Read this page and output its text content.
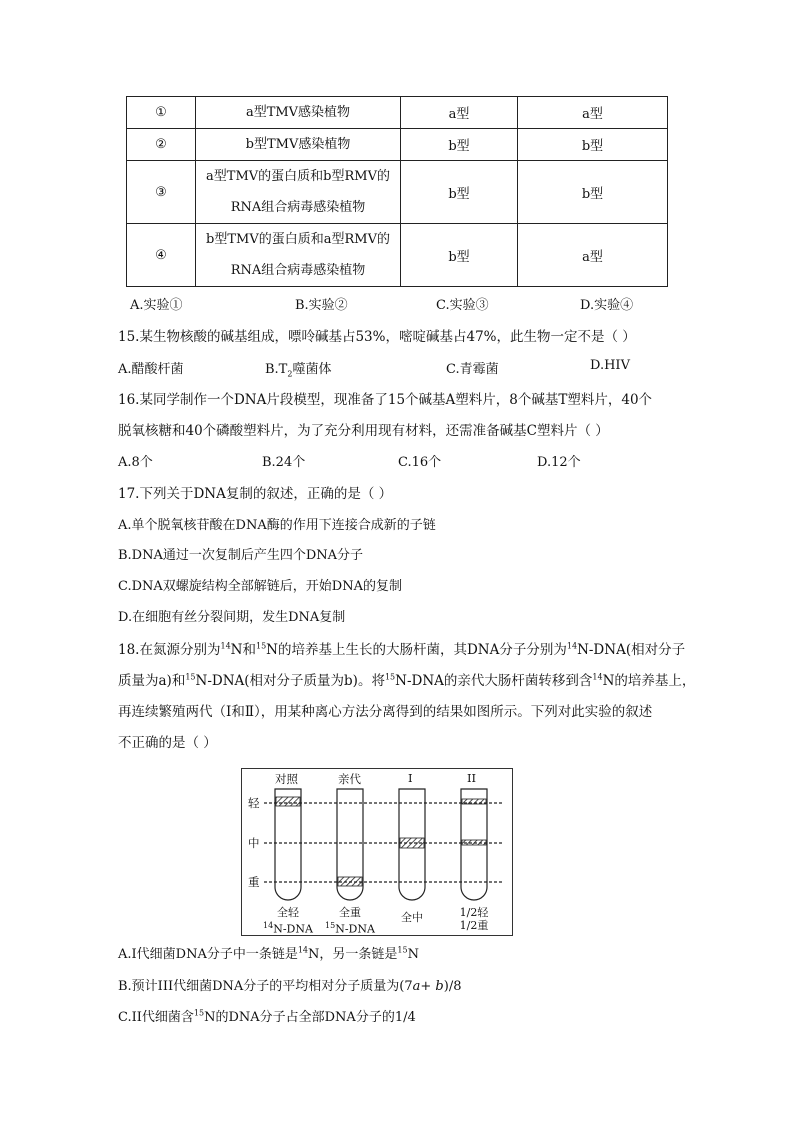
①	a型TMV感染植物	a型	a型
②	b型TMV感染植物	b型	b型
③	a型TMV的蛋白质和b型RMV的
RNA组合病毒感染植物	b型	b型
④	b型TMV的蛋白质和a型RMV的
RNA组合病毒感染植物	b型	a型
A.实验①	B.实验②	C.实验③	D.实验④
15.某生物核酸的碱基组成，嘌呤碱基占53%，嘧啶碱基占47%，此生物一定不是（ ）
A.醋酸杆菌	$B.T_2$噬菌体	C.青霉菌	D.HIV
16.某同学制作一个DNA片段模型，现准备了15个碱基A塑料片，8个碱基T塑料片，40个
脱氧核糖和40个磷酸塑料片，为了充分利用现有材料，还需准备碱基C塑料片（ ）
A.8个	B.24个	C.16个	D.12个
17.下列关于DNA复制的叙述，正确的是（ ）
A.单个脱氧核苷酸在DNA酶的作用下连接合成新的子链
B.DNA通过一次复制后产生四个DNA分子
C.DNA双螺旋结构全部解链后，开始DNA的复制
D.在细胞有丝分裂间期，发生DNA复制
18.在氮源分别为$^{14}$N和$^{15}$N的培养基上生长的大肠杆菌，其DNA分子分别为$^{14}$N-DNA(相对分子
质量为a)和$^{15}$N-DNA(相对分子质量为b)。将$^{15}$N-DNA的亲代大肠杆菌转移到含$^{14}$N的培养基上，
再连续繁殖两代（Ⅰ和Ⅱ），用某种离心方法分离得到的结果如图所示。下列对此实验的叙述
不正确的是（ ）
对照	亲代	I	II
轻
中
重
全轻
$^{14}$N-DNA
全重
$^{15}$N-DNA
全中	1/2轻
1/2重
A.I代细菌DNA分子中一条链是$^{14}$N，另一条链是$^{15}$N
B.预计III代细菌DNA分子的平均相对分子质量为(7a+ b)/8
C.II代细菌含$^{15}$N的DNA分子占全部DNA分子的1/4
